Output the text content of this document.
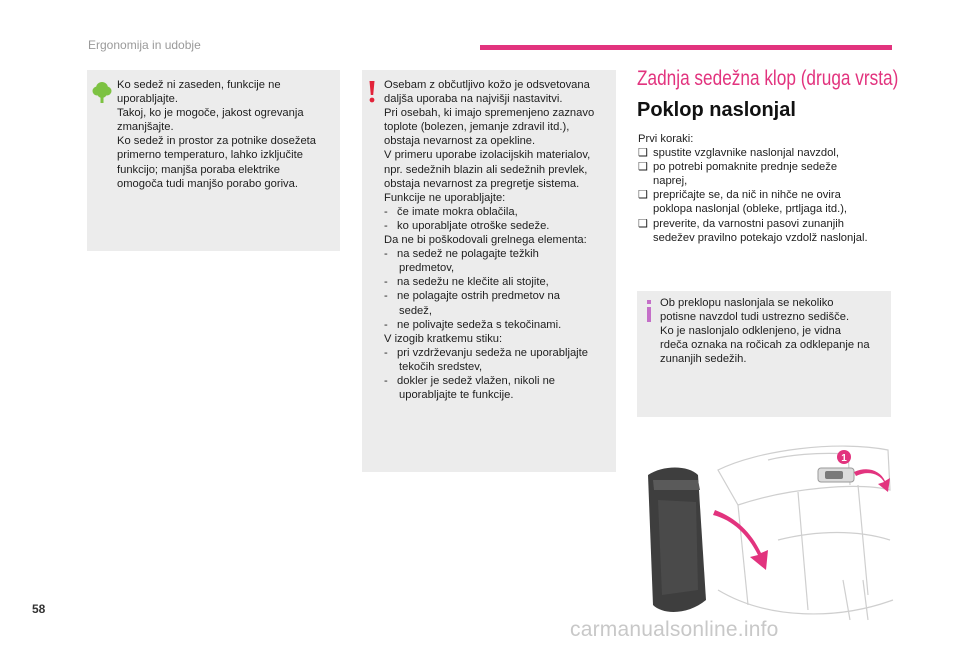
Ergonomija in udobje
Ko sedež ni zaseden, funkcije ne
uporabljajte.
Takoj, ko je mogoče, jakost ogrevanja
zmanjšajte.
Ko sedež in prostor za potnike dosežeta
primerno temperaturo, lahko izključite
funkcijo; manjša poraba elektrike
omogoča tudi manjšo porabo goriva.
Osebam z občutljivo kožo je odsvetovana
daljša uporaba na najvišji nastavitvi.
Pri osebah, ki imajo spremenjeno zaznavo
toplote (bolezen, jemanje zdravil itd.),
obstaja nevarnost za opekline.
V primeru uporabe izolacijskih materialov,
npr. sedežnih blazin ali sedežnih prevlek,
obstaja nevarnost za pregretje sistema.
Funkcije ne uporabljajte:
-   če imate mokra oblačila,
-   ko uporabljate otroške sedeže.
Da ne bi poškodovali grelnega elementa:
-   na sedež ne polagajte težkih
predmetov,
-   na sedežu ne klečite ali stojite,
-   ne polagajte ostrih predmetov na
sedež,
-   ne polivajte sedeža s tekočinami.
V izogib kratkemu stiku:
-   pri vzdrževanju sedeža ne uporabljajte
tekočih sredstev,
-   dokler je sedež vlažen, nikoli ne
uporabljajte te funkcije.
Zadnja sedežna klop (druga vrsta)
Poklop naslonjal
Prvi koraki:
❑ spustite vzglavnike naslonjal navzdol,
❑ po potrebi pomaknite prednje sedeže
naprej,
❑ prepričajte se, da nič in nihče ne ovira
poklopa naslonjal (obleke, prtljaga itd.),
❑ preverite, da varnostni pasovi zunanjih
sedežev pravilno potekajo vzdolž naslonjal.
Ob preklopu naslonjala se nekoliko
potisne navzdol tudi ustrezno sedišče.
Ko je naslonjalo odklenjeno, je vidna
rdeča oznaka na ročicah za odklepanje na
zunanjih sedežih.
1
58
carmanualsonline.info
